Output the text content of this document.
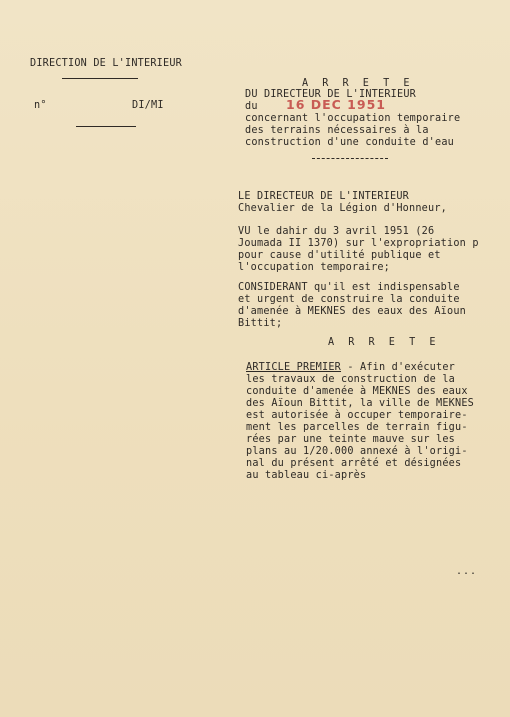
DIRECTION DE L'INTERIEUR
n°	DI/MI
A R R E T E
DU DIRECTEUR DE L'INTERIEUR
du 16 DEC 1951
concernant l'occupation temporaire
des terrains nécessaires à la
construction d'une conduite d'eau
LE DIRECTEUR DE L'INTERIEUR
Chevalier de la Légion d'Honneur,
VU le dahir du 3 avril 1951 (26
Joumada II 1370) sur l'expropriation p
pour cause d'utilité publique et
l'occupation temporaire;
CONSIDERANT qu'il est indispensable
et urgent de construire la conduite
d'amenée à MEKNES des eaux des Aïoun
Bittit;
A R R E T E
ARTICLE PREMIER - Afin d'exécuter
les travaux de construction de la
conduite d'amenée à MEKNES des eaux
des Aïoun Bittit, la ville de MEKNES
est autorisée à occuper temporaire-
ment les parcelles de terrain figu-
rées par une teinte mauve sur les
plans au 1/20.000 annexé à l'origi-
nal du présent arrêté et désignées
au tableau ci-après
...
